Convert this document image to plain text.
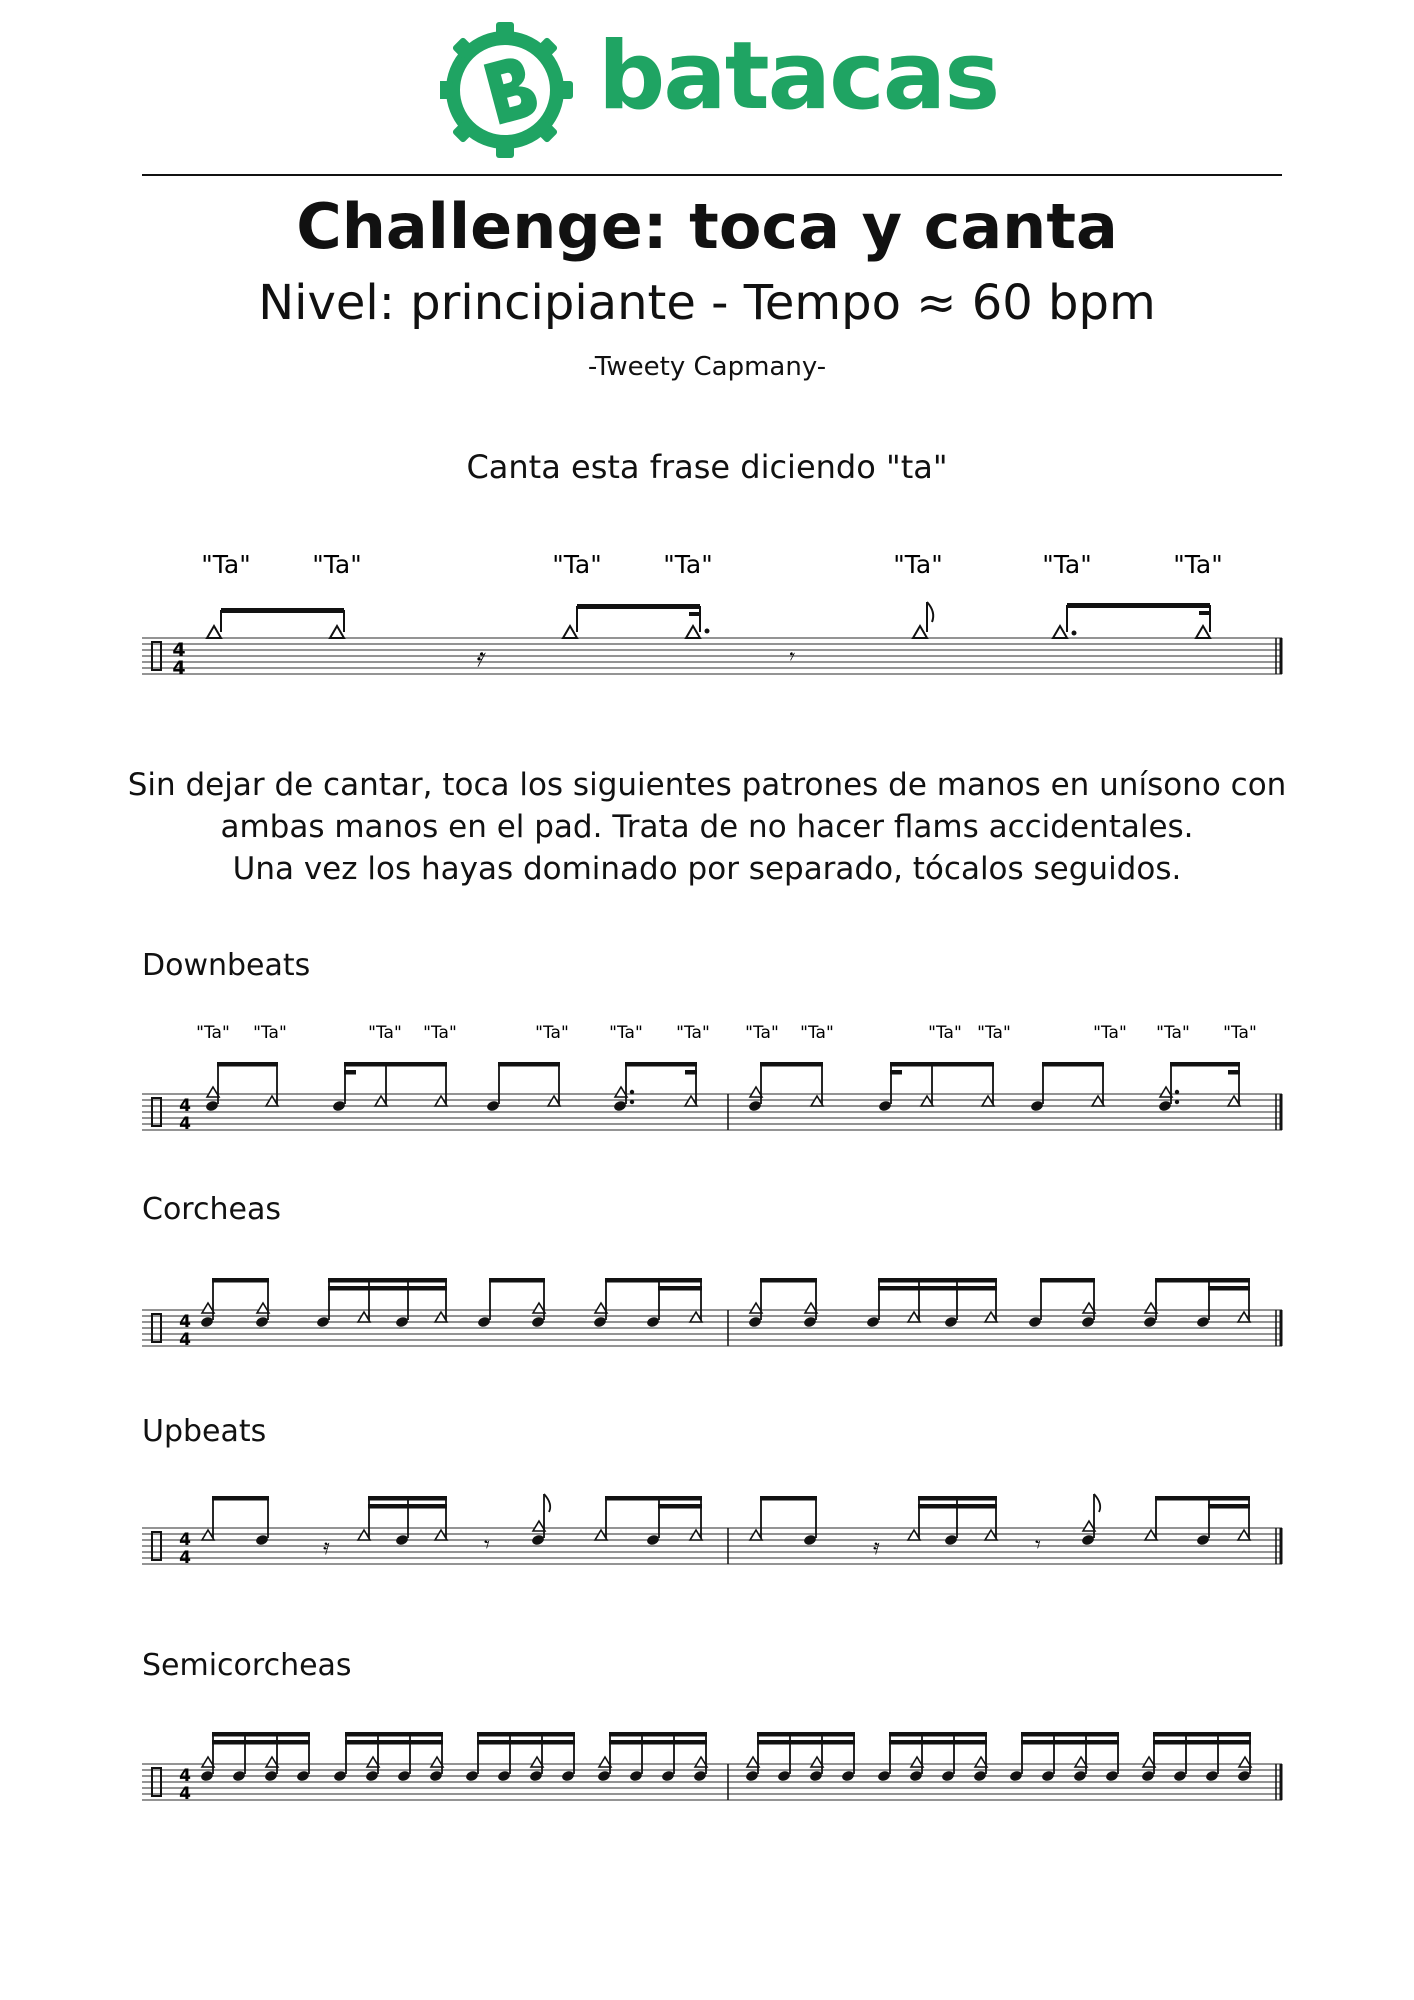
batacas
Challenge: toca y canta
Nivel: principiante - Tempo ≈ 60 bpm
-Tweety Capmany-
Canta esta frase diciendo "ta"
4
4	𝄿	𝄾
"Ta" "Ta"	"Ta" "Ta"	"Ta"	"Ta"	"Ta"
Sin dejar de cantar, toca los siguientes patrones de manos en unísono con
ambas manos en el pad. Trata de no hacer flams accidentales.
Una vez los hayas dominado por separado, tócalos seguidos.
Downbeats
Corcheas
Upbeats
Semicorcheas
4
4
"Ta" "Ta"	"Ta" "Ta"	"Ta" "Ta" "Ta" "Ta" "Ta"	"Ta" "Ta"	"Ta" "Ta" "Ta"
4
4
4
4	𝄿	𝄿
𝄾	𝄾
4
4
